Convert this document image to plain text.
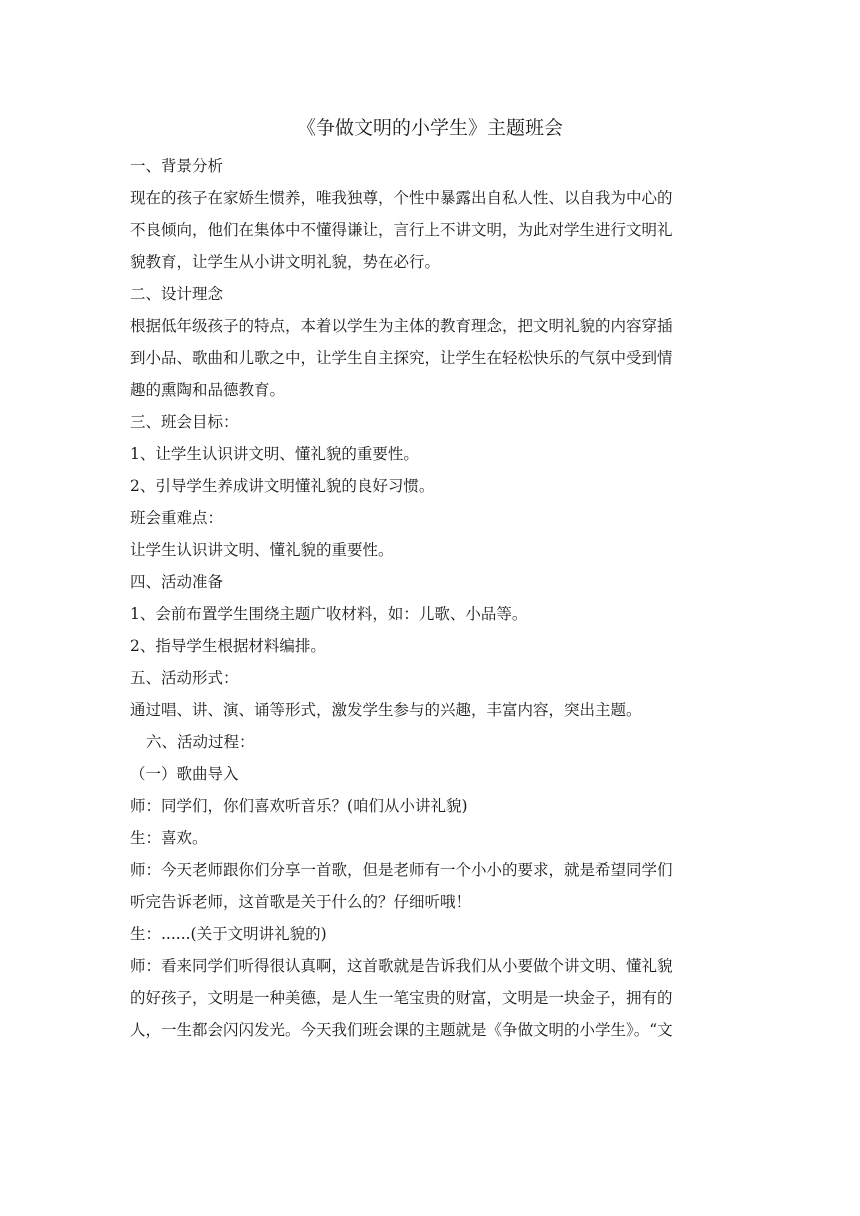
《争做文明的小学生》主题班会

一、背景分析

现在的孩子在家娇生惯养，唯我独尊，个性中暴露出自私人性、以自我为中心的
不良倾向，他们在集体中不懂得谦让，言行上不讲文明，为此对学生进行文明礼
貌教育，让学生从小讲文明礼貌，势在必行。

二、设计理念

根据低年级孩子的特点，本着以学生为主体的教育理念，把文明礼貌的内容穿插
到小品、歌曲和儿歌之中，让学生自主探究，让学生在轻松快乐的气氛中受到情
趣的熏陶和品德教育。

三、班会目标：

1、让学生认识讲文明、懂礼貌的重要性。

2、引导学生养成讲文明懂礼貌的良好习惯。

班会重难点：

让学生认识讲文明、懂礼貌的重要性。

四、活动准备

1、会前布置学生围绕主题广收材料，如：儿歌、小品等。

2、指导学生根据材料编排。

五、活动形式：

通过唱、讲、演、诵等形式，激发学生参与的兴趣，丰富内容，突出主题。

六、活动过程：

（一）歌曲导入

师：同学们，你们喜欢听音乐？(咱们从小讲礼貌)

生：喜欢。

师：今天老师跟你们分享一首歌，但是老师有一个小小的要求，就是希望同学们
听完告诉老师，这首歌是关于什么的？仔细听哦！

生：......(关于文明讲礼貌的)

师：看来同学们听得很认真啊，这首歌就是告诉我们从小要做个讲文明、懂礼貌
的好孩子，文明是一种美德，是人生一笔宝贵的财富，文明是一块金子，拥有的
人，一生都会闪闪发光。今天我们班会课的主题就是《争做文明的小学生》。“文
